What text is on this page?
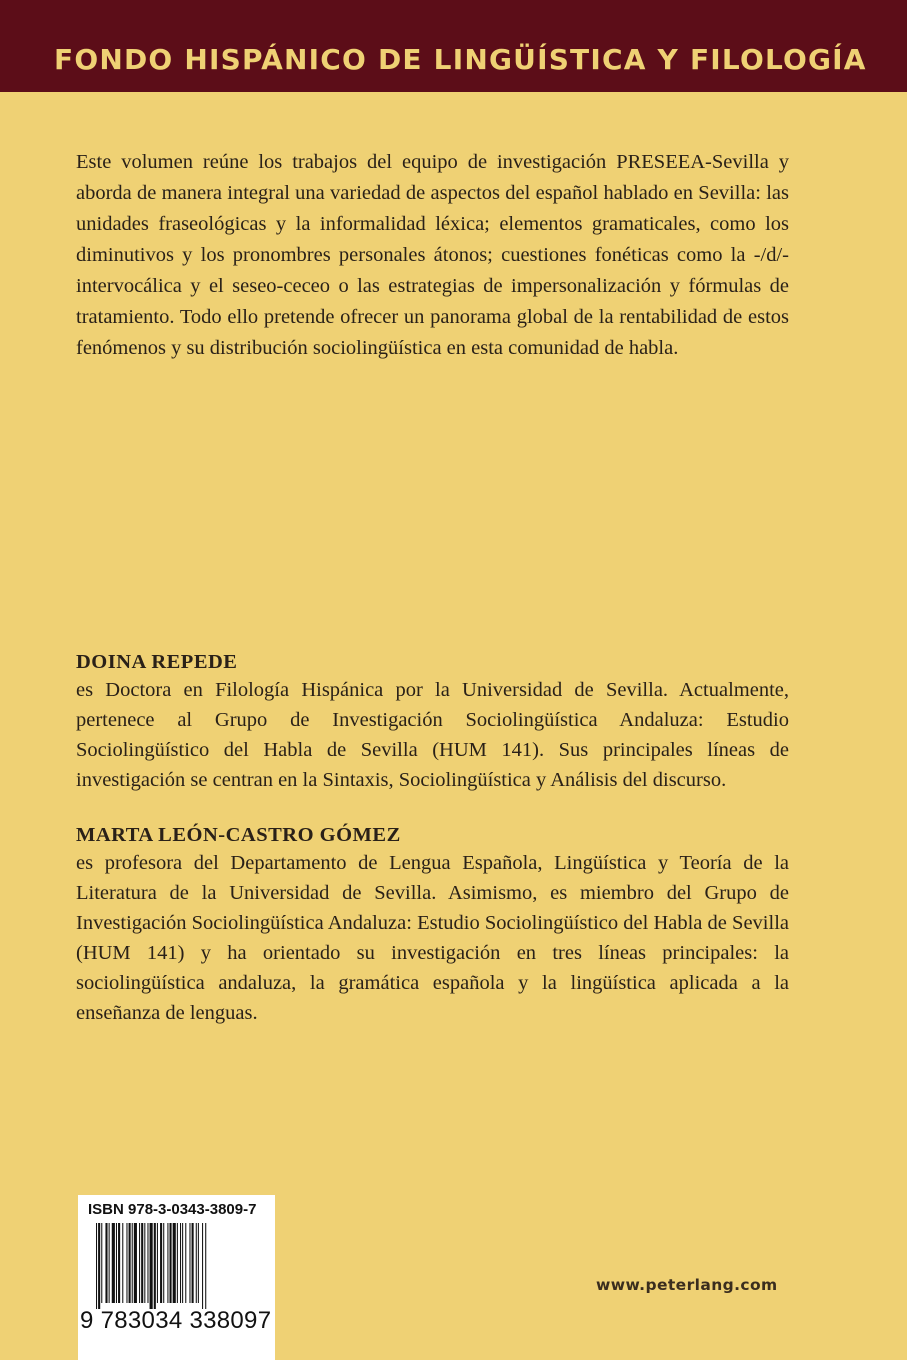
FONDO HISPÁNICO DE LINGÜÍSTICA Y FILOLOGÍA

Este volumen reúne los trabajos del equipo de investigación PRESEEA-Sevilla y aborda de manera integral una variedad de aspectos del español hablado en Sevilla: las unidades fraseológicas y la informalidad léxica; elementos gramaticales, como los diminutivos y los pronombres personales átonos; cuestiones fonéticas como la -/d/- intervocálica y el seseo-ceceo o las estrategias de impersonalización y fórmulas de tratamiento. Todo ello pretende ofrecer un panorama global de la rentabilidad de estos fenómenos y su distribución sociolingüística en esta comunidad de habla.

DOINA REPEDE

es Doctora en Filología Hispánica por la Universidad de Sevilla. Actualmente, pertenece al Grupo de Investigación Sociolingüística Andaluza: Estudio Sociolingüístico del Habla de Sevilla (HUM 141). Sus principales líneas de investigación se centran en la Sintaxis, Sociolingüística y Análisis del discurso.

MARTA LEÓN-CASTRO GÓMEZ

es profesora del Departamento de Lengua Española, Lingüística y Teoría de la Literatura de la Universidad de Sevilla. Asimismo, es miembro del Grupo de Investigación Sociolingüística Andaluza: Estudio Sociolingüístico del Habla de Sevilla (HUM 141) y ha orientado su investigación en tres líneas principales: la sociolingüística andaluza, la gramática española y la lingüística aplicada a la enseñanza de lenguas.

ISBN 978-3-0343-3809-7
9 783034 338097
www.peterlang.com
